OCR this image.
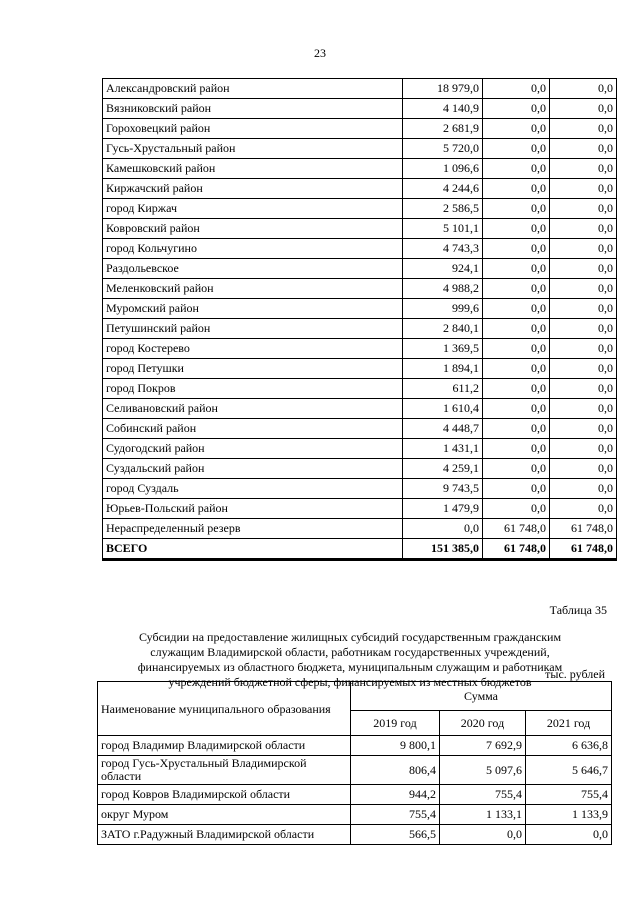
23
Александровский район	18 979,0	0,0	0,0
Вязниковский район	4 140,9	0,0	0,0
Гороховецкий район	2 681,9	0,0	0,0
Гусь-Хрустальный район	5 720,0	0,0	0,0
Камешковский район	1 096,6	0,0	0,0
Киржачский район	4 244,6	0,0	0,0
город Киржач	2 586,5	0,0	0,0
Ковровский район	5 101,1	0,0	0,0
город Кольчугино	4 743,3	0,0	0,0
Раздольевское	924,1	0,0	0,0
Меленковский район	4 988,2	0,0	0,0
Муромский район	999,6	0,0	0,0
Петушинский район	2 840,1	0,0	0,0
город Костерево	1 369,5	0,0	0,0
город Петушки	1 894,1	0,0	0,0
город Покров	611,2	0,0	0,0
Селивановский район	1 610,4	0,0	0,0
Собинский район	4 448,7	0,0	0,0
Судогодский район	1 431,1	0,0	0,0
Суздальский район	4 259,1	0,0	0,0
город Суздаль	9 743,5	0,0	0,0
Юрьев-Польский район	1 479,9	0,0	0,0
Нераспределенный резерв	0,0	61 748,0	61 748,0
ВСЕГО	151 385,0	61 748,0	61 748,0
Таблица 35
Субсидии на предоставление жилищных субсидий государственным гражданским
служащим Владимирской области, работникам государственных учреждений,
финансируемых из областного бюджета, муниципальным служащим и работникам
учреждений бюджетной сферы, финансируемых из местных бюджетов
тыс. рублей
Наименование муниципального образования	Сумма		
	2019 год	2020 год	2021 год
город Владимир Владимирской области	9 800,1	7 692,9	6 636,8
город Гусь-Хрустальный Владимирской области	806,4	5 097,6	5 646,7
город Ковров Владимирской области	944,2	755,4	755,4
округ Муром	755,4	1 133,1	1 133,9
ЗАТО г.Радужный Владимирской области	566,5	0,0	0,0
